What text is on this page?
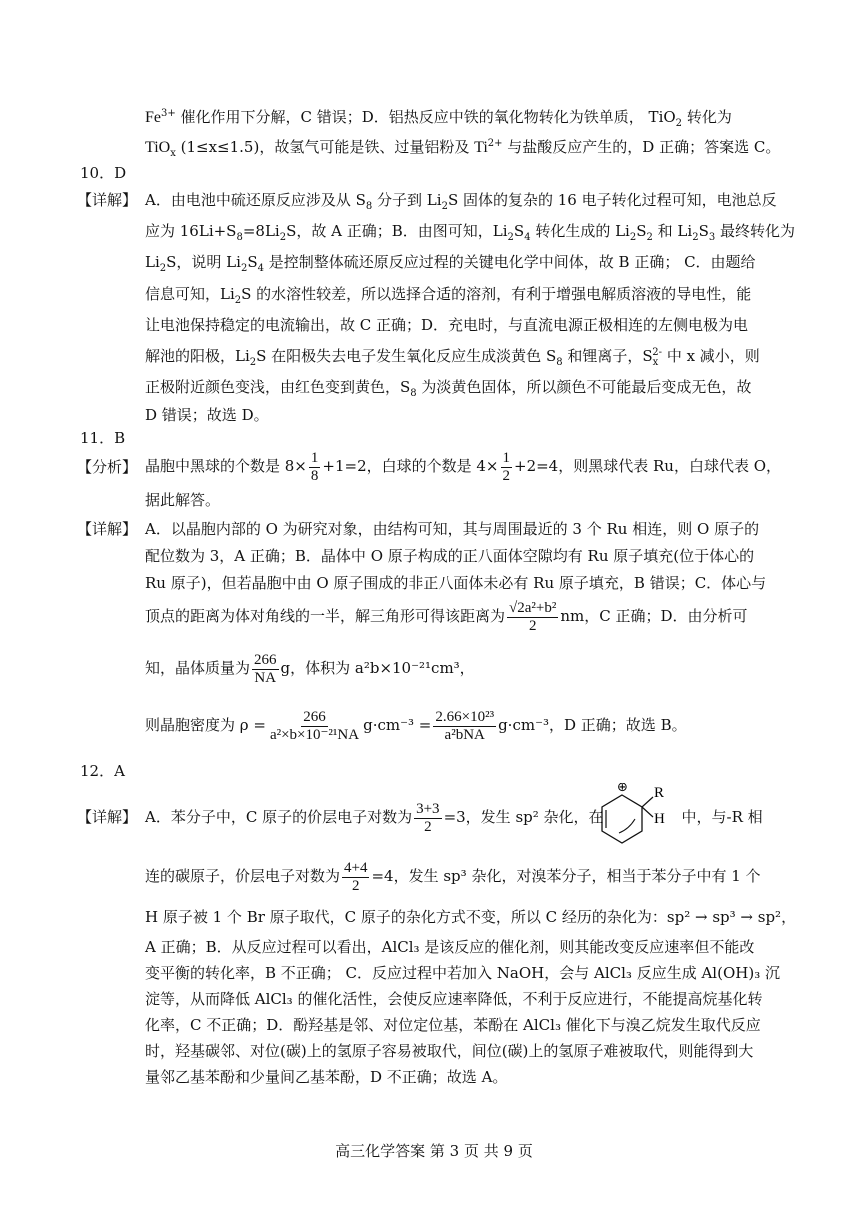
$Fe^{3+}$ 催化作用下分解，C 错误；D．铝热反应中铁的氧化物转化为铁单质， TiO$_2$ 转化为
TiO$_x$ (1≤x≤1.5)，故氢气可能是铁、过量铝粉及 $Ti^{2+}$ 与盐酸反应产生的，D 正确；答案选 C。
10．D
【详解】 A．由电池中硫还原反应涉及从 $S_8$ 分子到 $Li_2S$ 固体的复杂的 16 电子转化过程可知，电池总反
应为 $16Li+S_8=8Li_2S$，故 A 正确；B．由图可知，$Li_2S_4$ 转化生成的 $Li_2S_2$ 和 $Li_2S_3$ 最终转化为
$Li_2S$，说明 $Li_2S_4$ 是控制整体硫还原反应过程的关键电化学中间体，故 B 正确； C．由题给
信息可知，$Li_2S$ 的水溶性较差，所以选择合适的溶剂，有利于增强电解质溶液的导电性，能
让电池保持稳定的电流输出，故 C 正确；D．充电时，与直流电源正极相连的左侧电极为电
解池的阳极，$Li_2S$ 在阳极失去电子发生氧化反应生成淡黄色 $S_8$ 和锂离子，$S_x^{2-}$ 中 x 减小，则
正极附近颜色变浅，由红色变到黄色，$S_8$ 为淡黄色固体，所以颜色不可能最后变成无色，故
D 错误；故选 D。
11．B
【分析】 晶胞中黑球的个数是 $8\times \frac{1}{8} +1=2$，白球的个数是 $4\times \frac{1}{2} +2=4$，则黑球代表 Ru，白球代表 O，
据此解答。
【详解】 A．以晶胞内部的 O 为研究对象，由结构可知，其与周围最近的 3 个 Ru 相连，则 O 原子的
配位数为 3，A 正确；B．晶体中 O 原子构成的正八面体空隙均有 Ru 原子填充(位于体心的
Ru 原子)，但若晶胞中由 O 原子围成的非正八面体未必有 Ru 原子填充，B 错误；C．体心与
顶点的距离为体对角线的一半，解三角形可得该距离为 $\frac{\text{√2a²+b²}}{2}$ nm，C 正确；D．由分析可
知，晶体质量为 $\frac{266}{NA}$ g，体积为 a²b×10⁻²¹cm³，
则晶胞密度为 $\rho = \frac{266}{\text{a²×b×10⁻²¹NA}} g\cdot cm^{-3} = \frac{\text{2.66×10²³}}{\text{a²bNA}} g\cdot cm^{-3}$，D 正确；故选 B。
12．A
【详解】 A．苯分子中，C 原子的价层电子对数为 $\frac{3+3}{2} =3$，发生 sp² 杂化，在	中，与-R 相
⊕ R
H
连的碳原子，价层电子对数为 $\frac{4+4}{2} =4$，发生 sp³ 杂化，对溴苯分子，相当于苯分子中有 1 个
H 原子被 1 个 Br 原子取代，C 原子的杂化方式不变，所以 C 经历的杂化为：sp² → sp³ → sp²，
A 正确；B．从反应过程可以看出，AlCl₃ 是该反应的催化剂，则其能改变反应速率但不能改
变平衡的转化率，B 不正确； C．反应过程中若加入 NaOH，会与 AlCl₃ 反应生成 Al(OH)₃ 沉
淀等，从而降低 AlCl₃ 的催化活性，会使反应速率降低，不利于反应进行，不能提高烷基化转
化率，C 不正确；D．酚羟基是邻、对位定位基，苯酚在 AlCl₃ 催化下与溴乙烷发生取代反应
时，羟基碳邻、对位(碳)上的氢原子容易被取代，间位(碳)上的氢原子难被取代，则能得到大
量邻乙基苯酚和少量间乙基苯酚，D 不正确；故选 A。
高三化学答案 第 3 页 共 9 页
